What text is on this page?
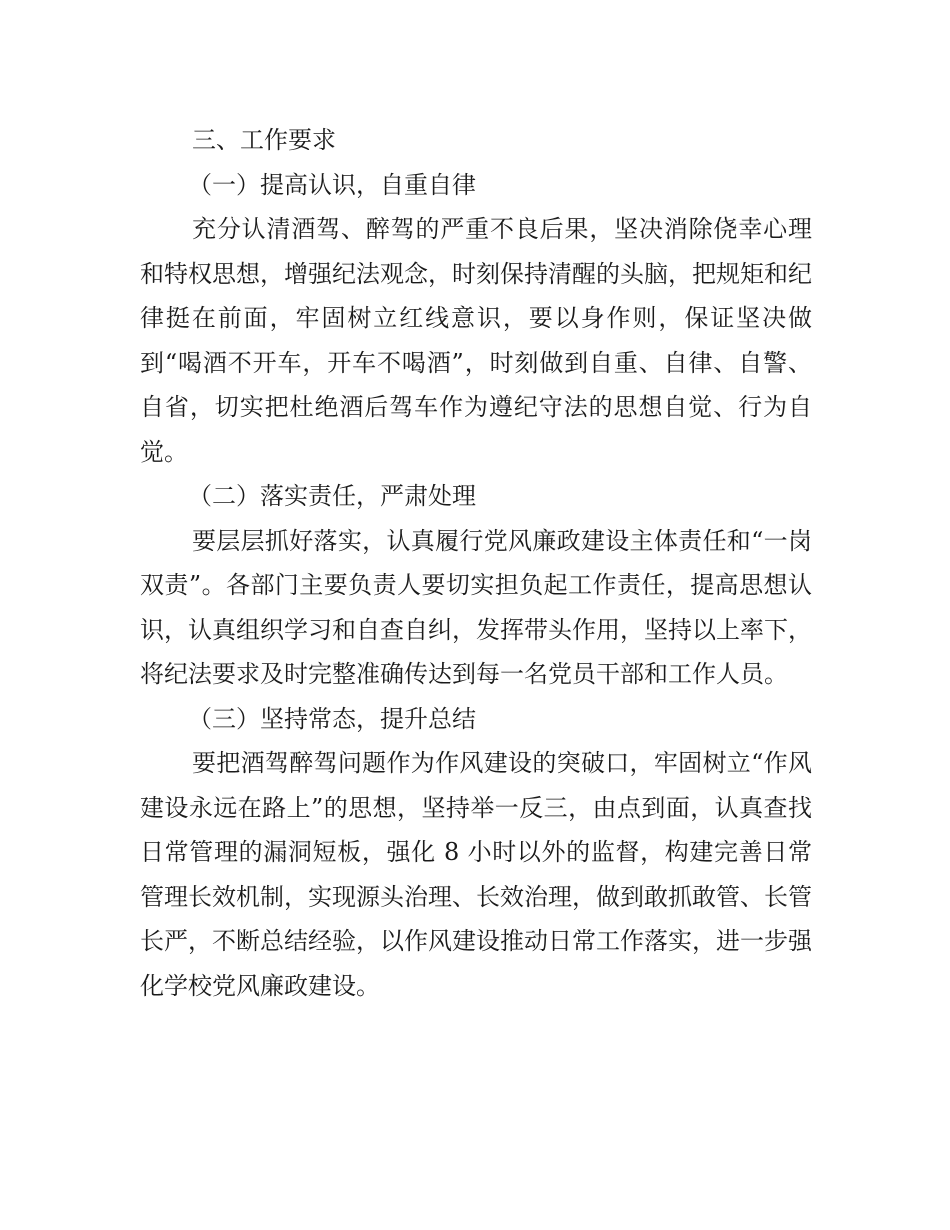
三、工作要求

（一）提高认识，自重自律

充分认清酒驾、醉驾的严重不良后果，坚决消除侥幸心理和特权思想，增强纪法观念，时刻保持清醒的头脑，把规矩和纪律挺在前面，牢固树立红线意识，要以身作则，保证坚决做到“喝酒不开车，开车不喝酒”，时刻做到自重、自律、自警、自省，切实把杜绝酒后驾车作为遵纪守法的思想自觉、行为自觉。

（二）落实责任，严肃处理

要层层抓好落实，认真履行党风廉政建设主体责任和“一岗双责”。各部门主要负责人要切实担负起工作责任，提高思想认识，认真组织学习和自查自纠，发挥带头作用，坚持以上率下，将纪法要求及时完整准确传达到每一名党员干部和工作人员。

（三）坚持常态，提升总结

要把酒驾醉驾问题作为作风建设的突破口，牢固树立“作风建设永远在路上”的思想，坚持举一反三，由点到面，认真查找日常管理的漏洞短板，强化 8 小时以外的监督，构建完善日常管理长效机制，实现源头治理、长效治理，做到敢抓敢管、长管长严，不断总结经验，以作风建设推动日常工作落实，进一步强化学校党风廉政建设。
